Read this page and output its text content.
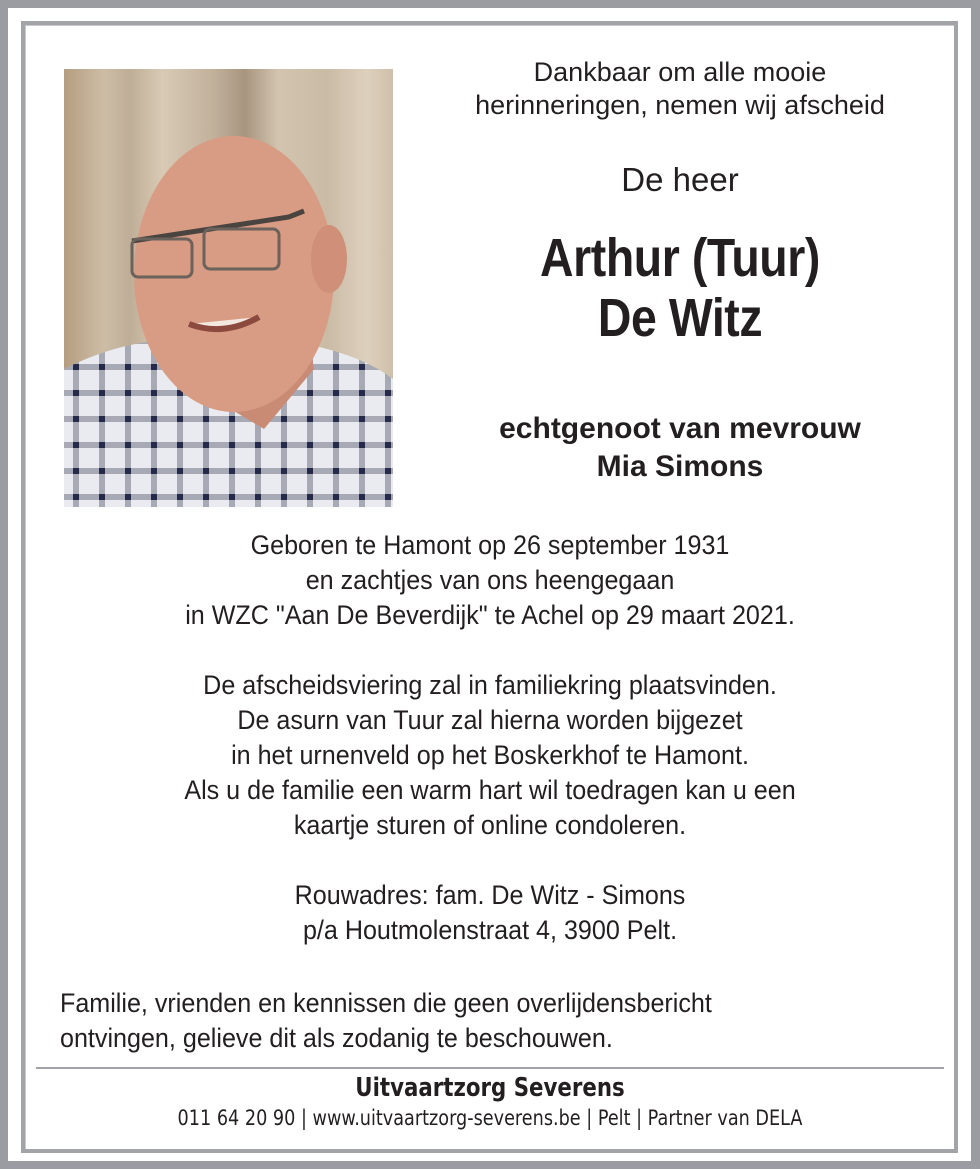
Dankbaar om alle mooie
herinneringen, nemen wij afscheid
De heer
Arthur (Tuur)
De Witz
echtgenoot van mevrouw
Mia Simons
Geboren te Hamont op 26 september 1931
en zachtjes van ons heengegaan
in WZC "Aan De Beverdijk" te Achel op 29 maart 2021.
De afscheidsviering zal in familiekring plaatsvinden.
De asurn van Tuur zal hierna worden bijgezet
in het urnenveld op het Boskerkhof te Hamont.
Als u de familie een warm hart wil toedragen kan u een
kaartje sturen of online condoleren.
Rouwadres: fam. De Witz - Simons
p/a Houtmolenstraat 4, 3900 Pelt.
Familie, vrienden en kennissen die geen overlijdensbericht
ontvingen, gelieve dit als zodanig te beschouwen.
Uitvaartzorg Severens
011 64 20 90 | www.uitvaartzorg-severens.be | Pelt | Partner van DELA
